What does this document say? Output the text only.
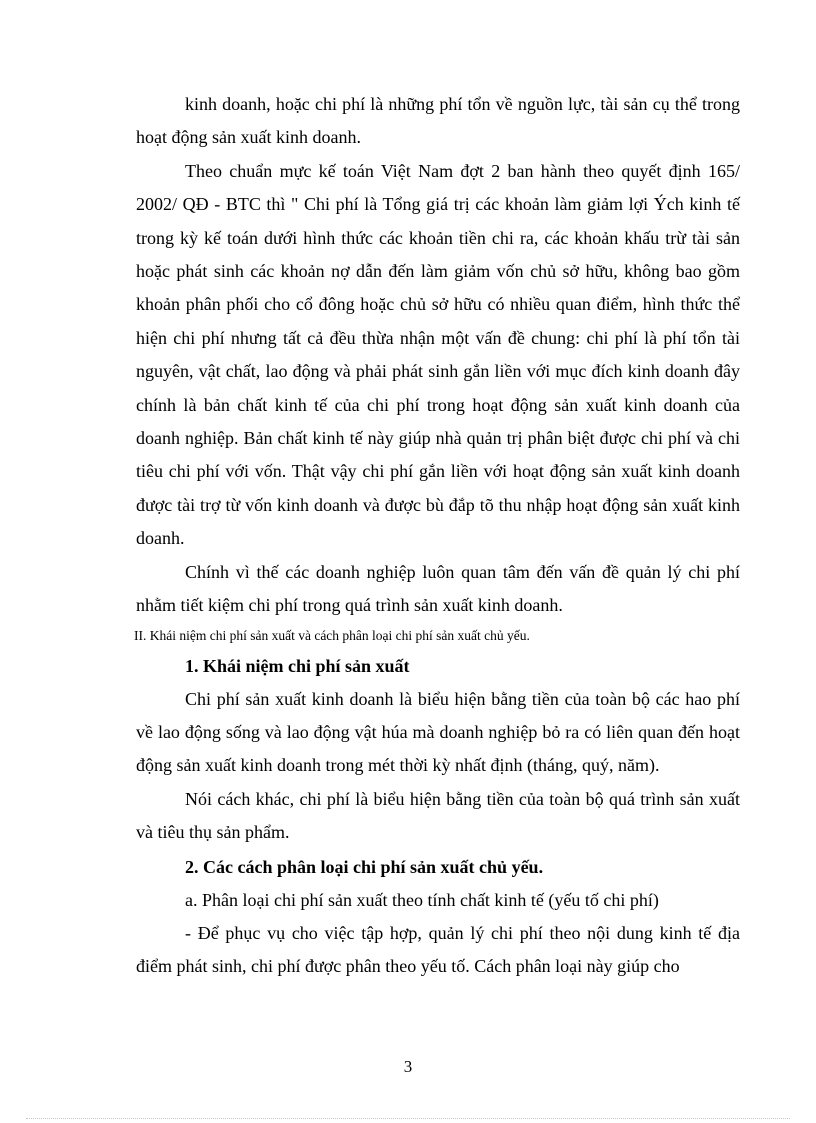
kinh doanh, hoặc chi phí là những phí tổn về nguồn lực, tài sản cụ thể trong hoạt động sản xuất kinh doanh.

Theo chuẩn mực kế toán Việt Nam đợt 2 ban hành theo quyết định 165/ 2002/ QĐ - BTC thì " Chi phí là Tổng giá trị các khoản làm giảm lợi Ých kinh tế trong kỳ kế toán dưới hình thức các khoản tiền chi ra, các khoản khấu trừ tài sản hoặc phát sinh các khoản nợ dẫn đến làm giảm vốn chủ sở hữu, không bao gồm khoản phân phối cho cổ đông hoặc chủ sở hữu có nhiều quan điểm, hình thức thể hiện chi phí nhưng tất cả đều thừa nhận một vấn đề chung: chi phí là phí tổn tài nguyên, vật chất, lao động và phải phát sinh gắn liền với mục đích kinh doanh đây chính là bản chất kinh tế của chi phí trong hoạt động sản xuất kinh doanh của doanh nghiệp. Bản chất kinh tế này giúp nhà quản trị phân biệt được chi phí và chi tiêu chi phí với vốn. Thật vậy chi phí gắn liền với hoạt động sản xuất kinh doanh được tài trợ từ vốn kinh doanh và được bù đắp tõ thu nhập hoạt động sản xuất kinh doanh.

Chính vì thế các doanh nghiệp luôn quan tâm đến vấn đề quản lý chi phí nhằm tiết kiệm chi phí trong quá trình sản xuất kinh doanh.

II. Khái niệm chi phí sản xuất và cách phân loại chi phí sản xuất chủ yếu.

1. Khái niệm chi phí sản xuất

Chi phí sản xuất kinh doanh là biểu hiện bằng tiền của toàn bộ các hao phí về lao động sống và lao động vật húa mà doanh nghiệp bỏ ra có liên quan đến hoạt động sản xuất kinh doanh trong mét thời kỳ nhất định (tháng, quý, năm).

Nói cách khác, chi phí là biểu hiện bằng tiền của toàn bộ quá trình sản xuất và tiêu thụ sản phẩm.

2. Các cách phân loại chi phí sản xuất chủ yếu.

a. Phân loại chi phí sản xuất theo tính chất kinh tế (yếu tố chi phí)

- Để phục vụ cho việc tập hợp, quản lý chi phí theo nội dung kinh tế địa điểm phát sinh, chi phí được phân theo yếu tố. Cách phân loại này giúp cho

3
